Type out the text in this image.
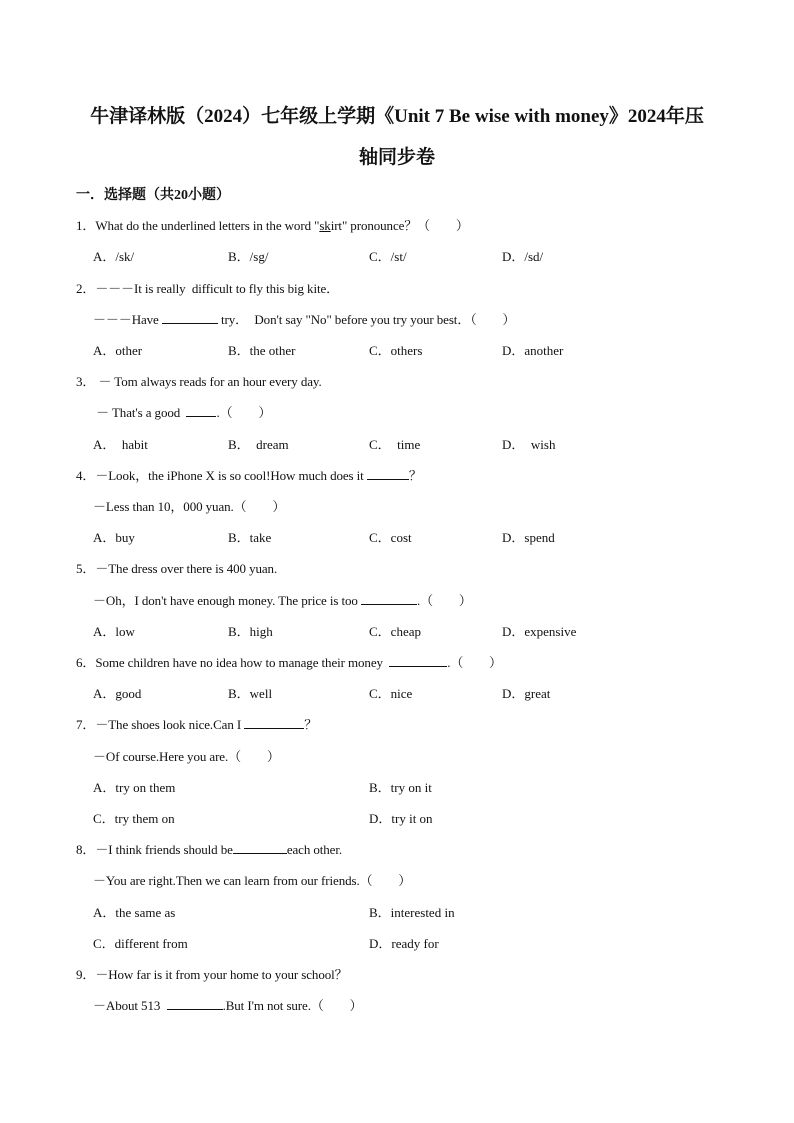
牛津译林版（2024）七年级上学期《Unit 7 Be wise with money》2024年压
轴同步卷
一．选择题（共20小题）
1．What do the underlined letters in the word "skirt" pronounce？（　　）
A．/sk/	B．/sg/	C．/st/	D．/sd/
2．－－－It is really  difficult to fly this big kite．
－－－Have	try．  Don't say "No" before you try your best．（　　）
A．other	B．the other	C．others	D．another
3． － Tom always reads for an hour every day.
－ That's a good  .（　　）
A．  habit	B．  dream	C．  time	D．  wish
4．－Look，the iPhone X is so cool!How much does it	？
－Less than 10，000 yuan.（　　）
A．buy	B．take	C．cost	D．spend
5．－The dress over there is 400 yuan.
－Oh，I don't have enough money. The price is too	.（　　）
A．low	B．high	C．cheap	D．expensive
6．Some children have no idea how to manage their money	.（　　）
A．good	B．well	C．nice	D．great
7．－The shoes look nice.Can I	？
－Of course.Here you are.（　　）
A．try on them	B．try on it
C．try them on	D．try it on
8．－I think friends should be	each other.
－You are right.Then we can learn from our friends.（　　）
A．the same as	B．interested in
C．different from	D．ready for
9．－How far is it from your home to your school？
－About 513	.But I'm not sure.（　　）
